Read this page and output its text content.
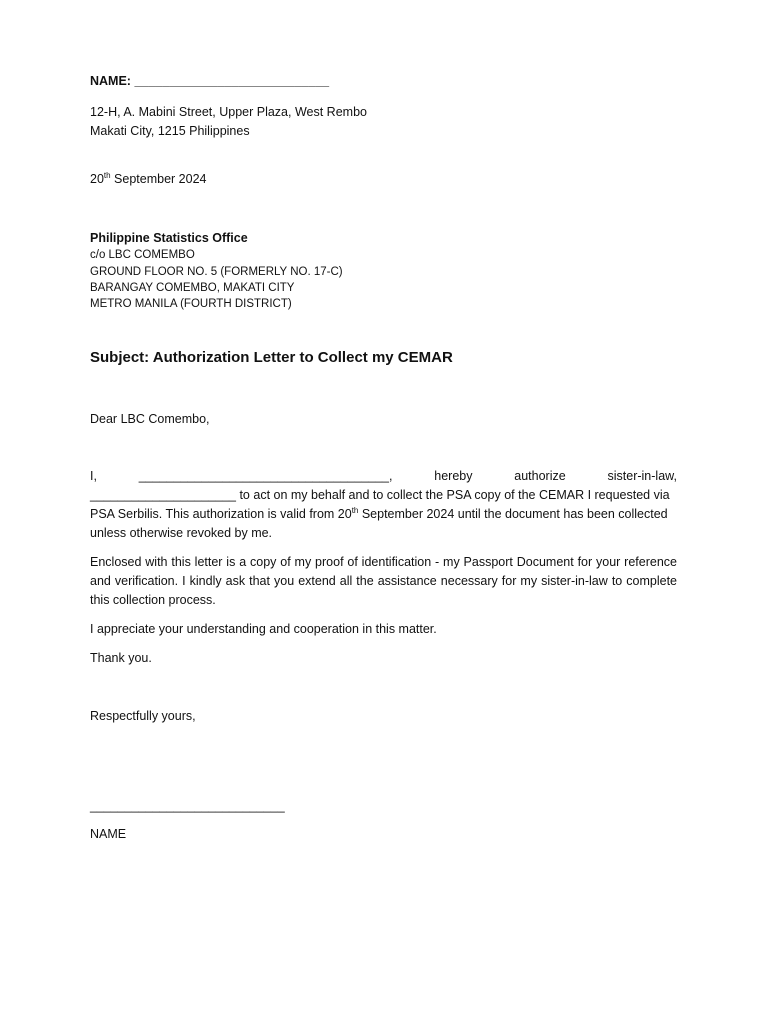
NAME: ____________________________
12-H, A. Mabini Street, Upper Plaza, West Rembo
Makati City, 1215 Philippines
20th September 2024
Philippine Statistics Office
c/o LBC COMEMBO
GROUND FLOOR NO. 5 (FORMERLY NO. 17-C)
BARANGAY COMEMBO, MAKATI CITY
METRO MANILA (FOURTH DISTRICT)
Subject: Authorization Letter to Collect my CEMAR
Dear LBC Comembo,
I,	____________________________________,	hereby	authorize	sister-in-law,
_____________________ to act on my behalf and to collect the PSA copy of the CEMAR I requested via
PSA Serbilis. This authorization is valid from 20th September 2024 until the document has been collected
unless otherwise revoked by me.
Enclosed with this letter is a copy of my proof of identification - my Passport Document for your reference and verification. I kindly ask that you extend all the assistance necessary for my sister-in-law to complete this collection process.
I appreciate your understanding and cooperation in this matter.
Thank you.
Respectfully yours,
____________________________
NAME
